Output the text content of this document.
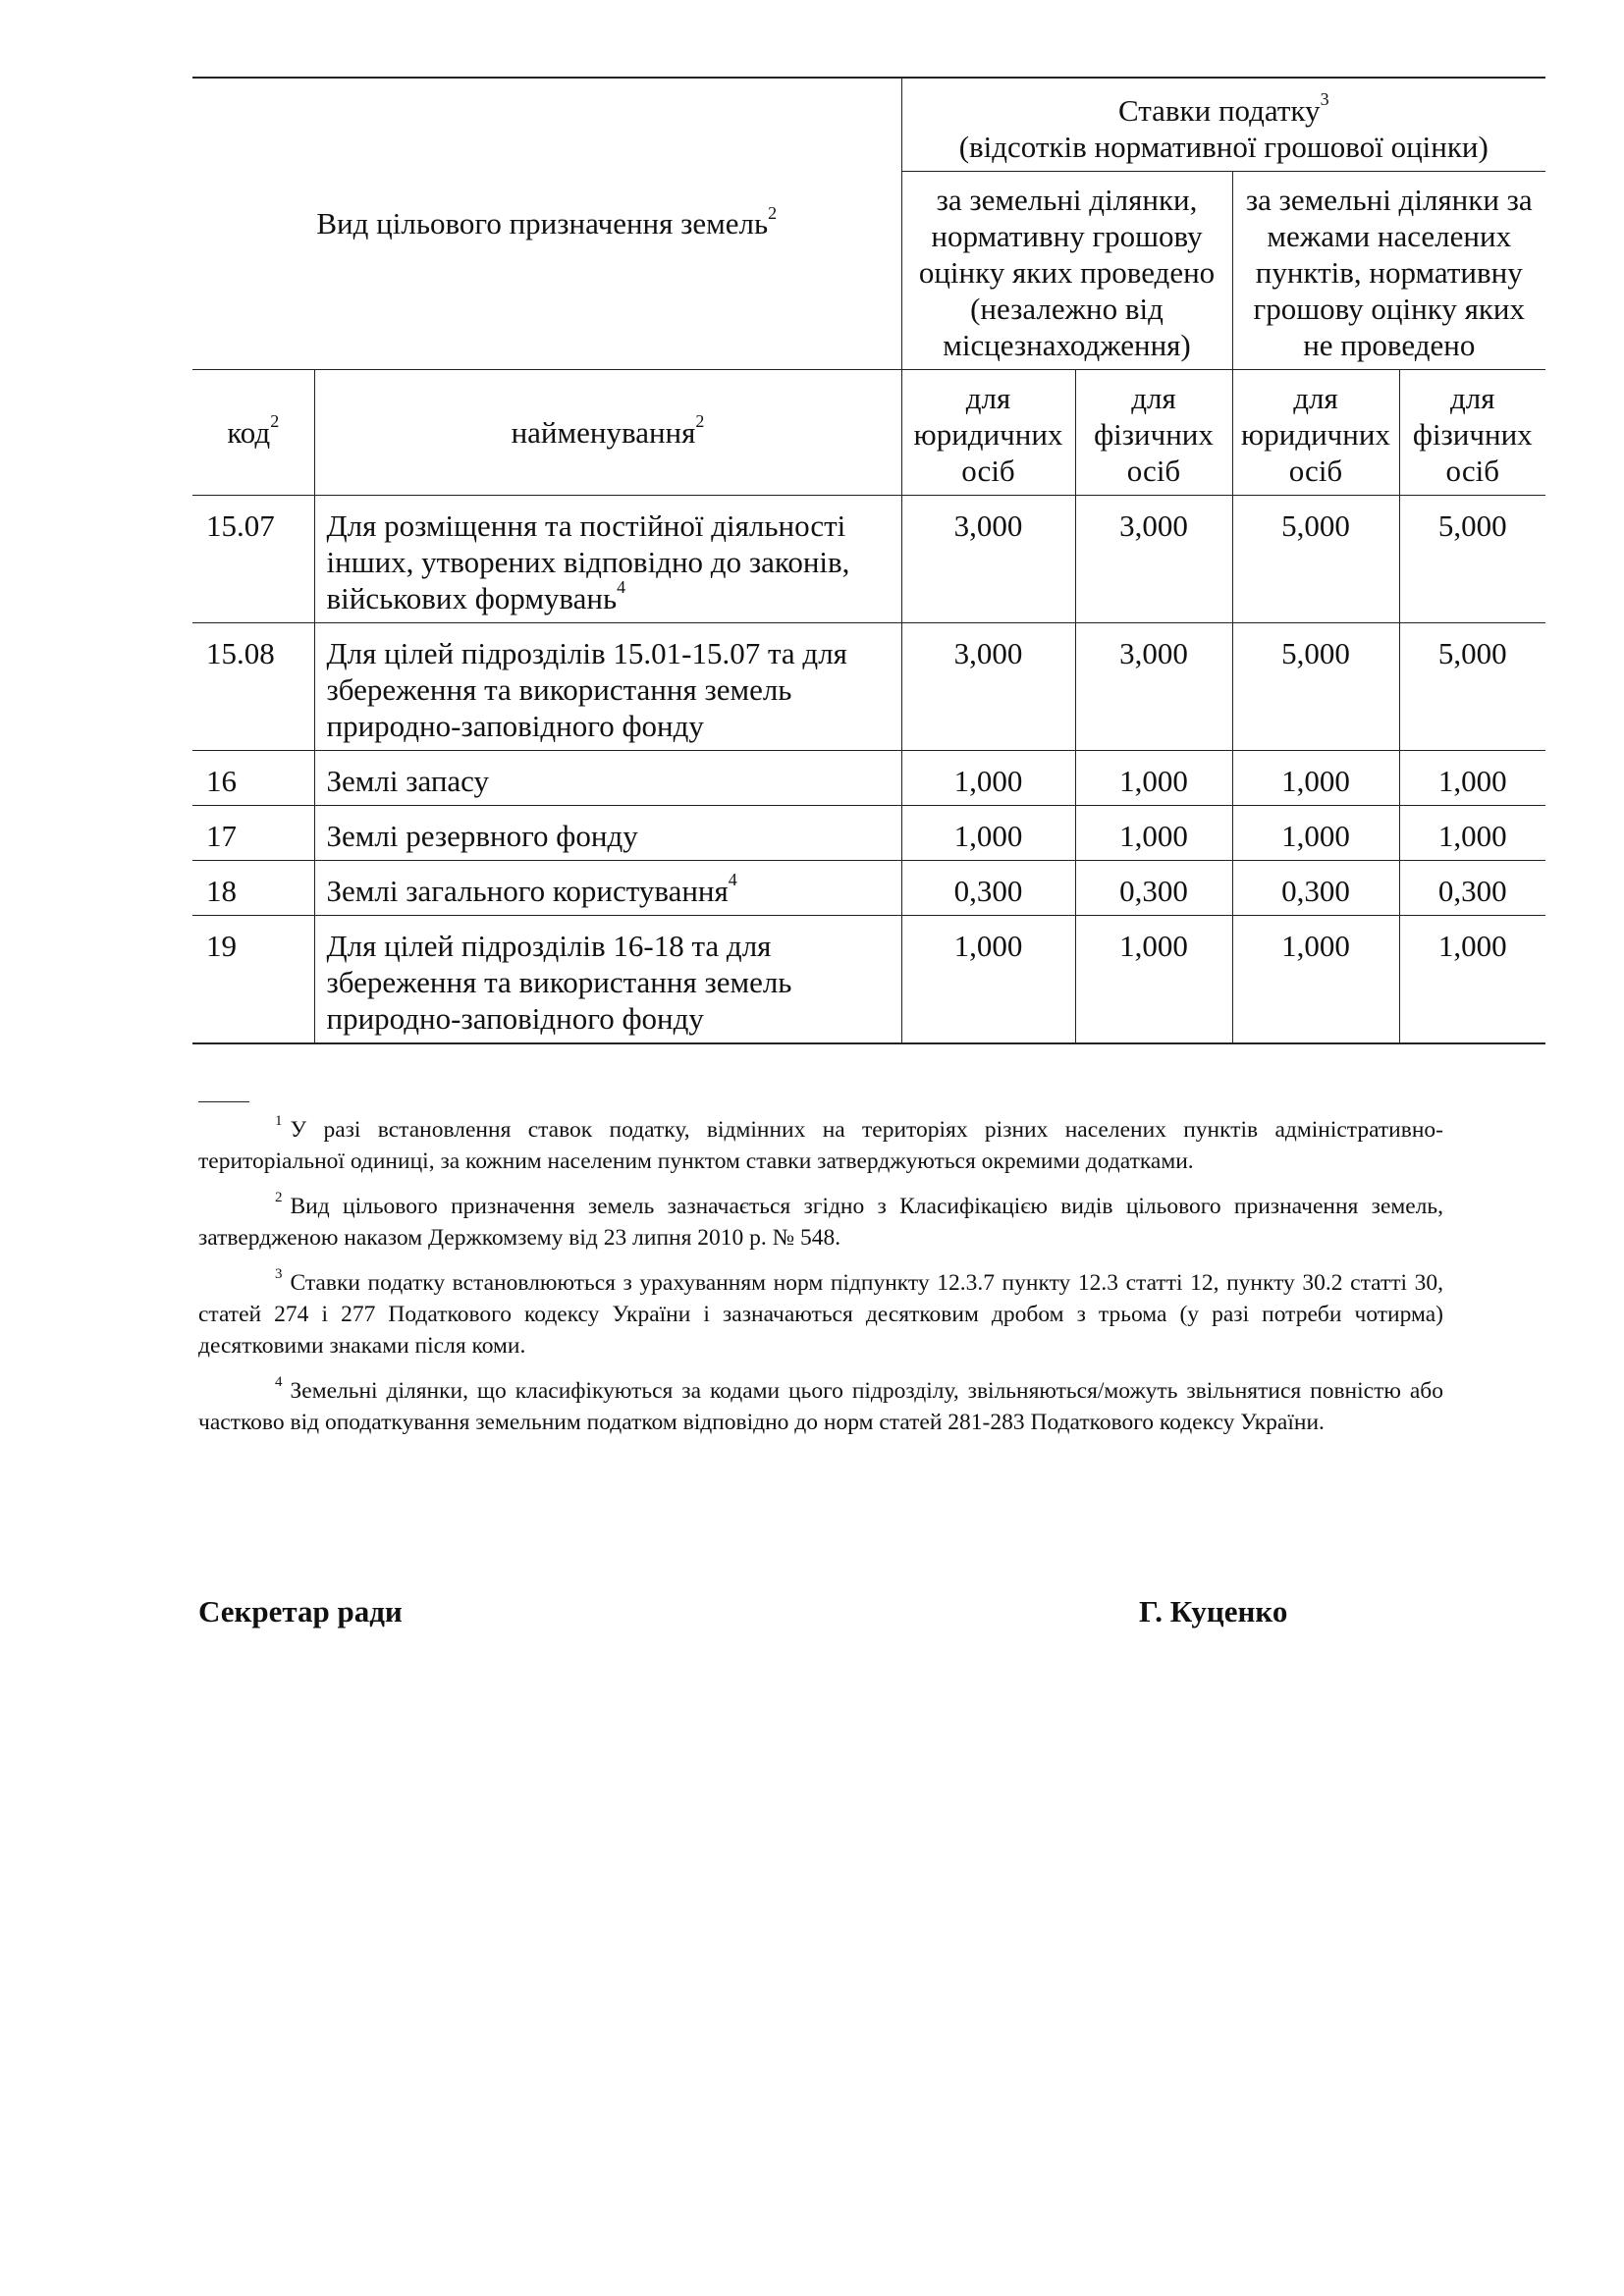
Вид цільового призначення земель$^2$		Ставки податку$^3$
(відсотків нормативної грошової оцінки)			

		за земельні ділянки, нормативну грошову оцінку яких проведено (незалежно від місцезнаходження)		за земельні ділянки за межами населених пунктів, нормативну грошову оцінку яких не проведено	

код$^2$	найменування$^2$	для юридичних осіб	для фізичних осіб	для юридичних осіб	для фізичних осіб
15.07	Для розміщення та постійної діяльності інших, утворених відповідно до законів, військових формувань$^4$	3,000	3,000	5,000	5,000
15.08	Для цілей підрозділів 15.01-15.07 та для збереження та використання земель природно-заповідного фонду	3,000	3,000	5,000	5,000
16	Землі запасу	1,000	1,000	1,000	1,000
17	Землі резервного фонду	1,000	1,000	1,000	1,000
18	Землі загального користування$^4$	0,300	0,300	0,300	0,300
19	Для цілей підрозділів 16-18 та для збереження та використання земель природно-заповідного фонду	1,000	1,000	1,000	1,000

$^1$ У разі встановлення ставок податку, відмінних на територіях різних населених пунктів адміністративно-територіальної одиниці, за кожним населеним пунктом ставки затверджуються окремими додатками.

$^2$ Вид цільового призначення земель зазначається згідно з Класифікацією видів цільового призначення земель, затвердженою наказом Держкомзему від 23 липня 2010 р. № 548.

$^3$ Ставки податку встановлюються з урахуванням норм підпункту 12.3.7 пункту 12.3 статті 12, пункту 30.2 статті 30, статей 274 і 277 Податкового кодексу України і зазначаються десятковим дробом з трьома (у разі потреби чотирма) десятковими знаками після коми.

$^4$ Земельні ділянки, що класифікуються за кодами цього підрозділу, звільняються/можуть звільнятися повністю або частково від оподаткування земельним податком відповідно до норм статей 281-283 Податкового кодексу України.

Секретар ради	Г. Куценко
